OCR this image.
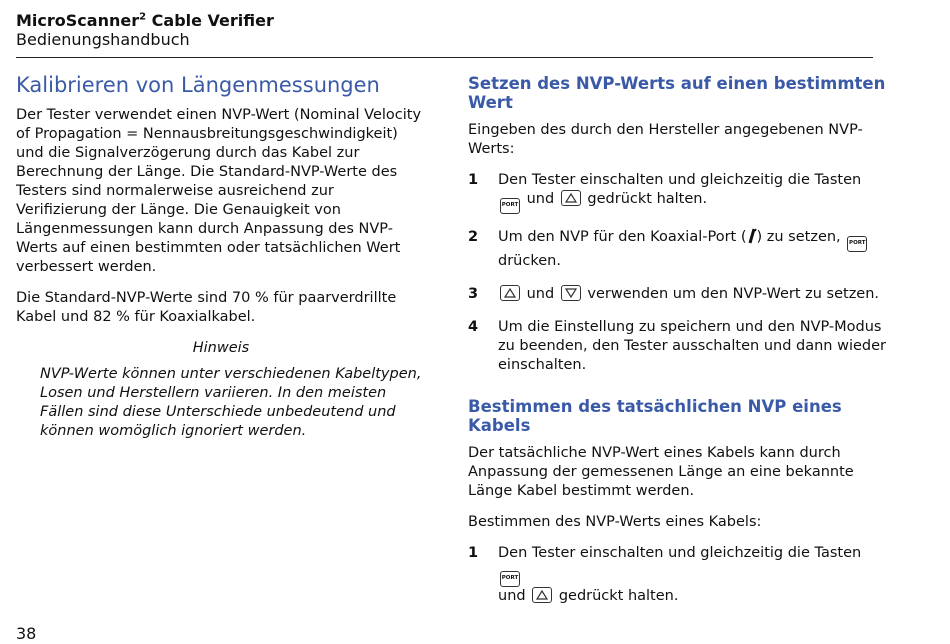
MicroScanner$^2$ Cable Verifier
Bedienungshandbuch
Kalibrieren von Längenmessungen

Der Tester verwendet einen NVP-Wert (Nominal Velocity of Propagation = Nennausbreitungsgeschwindigkeit) und die Signalverzögerung durch das Kabel zur Berechnung der Länge. Die Standard-NVP-Werte des Testers sind normalerweise ausreichend zur Verifizierung der Länge. Die Genauigkeit von Längenmessungen kann durch Anpassung des NVP-Werts auf einen bestimmten oder tatsächlichen Wert verbessert werden.

Die Standard-NVP-Werte sind 70 % für paarverdrillte Kabel und 82 % für Koaxialkabel.

Hinweis
NVP-Werte können unter verschiedenen Kabeltypen, Losen und Herstellern variieren. In den meisten Fällen sind diese Unterschiede unbedeutend und können womöglich ignoriert werden.
Setzen des NVP-Werts auf einen bestimmten Wert

Eingeben des durch den Hersteller angegebenen NVP-Werts:

1	Den Tester einschalten und gleichzeitig die Tasten
PORT und gedrückt halten.
2	Um den NVP für den Koaxial-Port ( ) zu setzen, PORT
drücken.
3	und verwenden um den NVP-Wert zu setzen.
4	Um die Einstellung zu speichern und den NVP-Modus zu beenden, den Tester ausschalten und dann wieder einschalten.
Bestimmen des tatsächlichen NVP eines Kabels

Der tatsächliche NVP-Wert eines Kabels kann durch Anpassung der gemessenen Länge an eine bekannte Länge Kabel bestimmt werden.

Bestimmen des NVP-Werts eines Kabels:

1	Den Tester einschalten und gleichzeitig die Tasten PORT
und gedrückt halten.
38
